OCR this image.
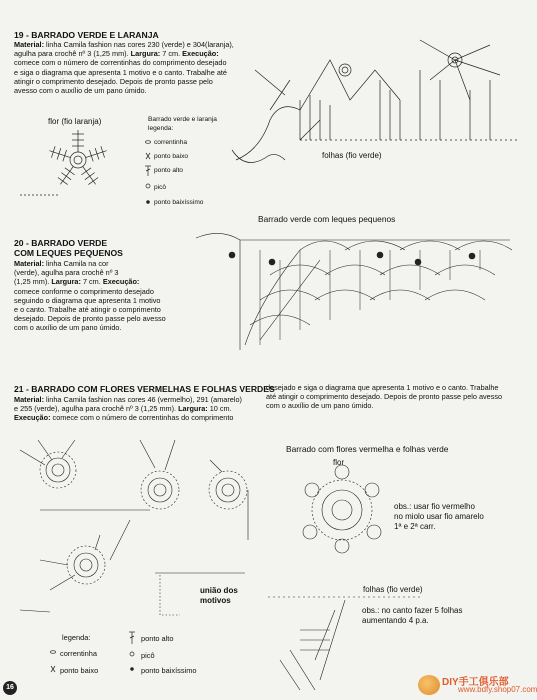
19 - BARRADO VERDE E LARANJA
Material: linha Camila fashion nas cores 230 (verde) e 304(laranja),
agulha para crochê nº 3 (1,25 mm). Largura: 7 cm. Execução:
comece com o número de correntinhas do comprimento desejado
e siga o diagrama que apresenta 1 motivo e o canto. Trabalhe até
atingir o comprimento desejado. Depois de pronto passe pelo
avesso com o auxílio de um pano úmido.
flor (fio laranja)	Barrado verde e laranja
legenda:
correntinha
ponto baixo
ponto alto
picô
ponto baixíssimo
folhas (fio verde)
20 - BARRADO VERDE
COM LEQUES PEQUENOS
Material: linha Camila na cor
(verde), agulha para crochê nº 3
(1,25 mm). Largura: 7 cm. Execução:
comece conforme o comprimento desejado
seguindo o diagrama que apresenta 1 motivo
e o canto. Trabalhe até atingir o comprimento
desejado. Depois de pronto passe pelo avesso
com o auxílio de um pano úmido.
Barrado verde com leques pequenos
21 - BARRADO COM FLORES VERMELHAS E FOLHAS VERDES
Material: linha Camila fashion nas cores 46 (vermelho), 291 (amarelo)
e 255 (verde), agulha para crochê nº 3 (1,25 mm). Largura: 10 cm.
Execução: comece com o número de correntinhas do comprimento
desejado e siga o diagrama que apresenta 1 motivo e o canto. Trabalhe
até atingir o comprimento desejado. Depois de pronto passe pelo avesso
com o auxílio de um pano úmido.
Barrado com flores vermelha e folhas verde
flor
obs.: usar fio vermelho
no miolo usar fio amarelo
1ª e 2ª carr.
união dos
motivos
folhas (fio verde)
obs.: no canto fazer 5 folhas
aumentando 4 p.a.
legenda:
correntinha
ponto baixo
ponto alto
picô
ponto baixíssimo
16	DIY手工俱乐部
www.bdfy.shop07.com
